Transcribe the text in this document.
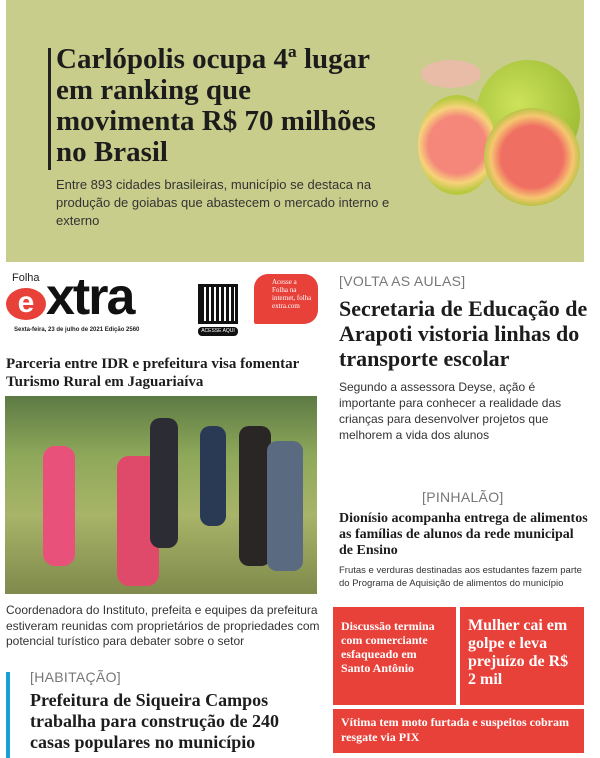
Carlópolis ocupa 4ª lugar em ranking que movimenta R$ 70 milhões no Brasil

Entre 893 cidades brasileiras, município se destaca na produção de goiabas que abastecem o mercado interno e externo

Folha
e xtra
Sexta-feira, 23 de julho de 2021 Edição 2560	ACESSE AQUI
Acesse a Folha na internet, folha extra.com
Parceria entre IDR e prefeitura visa fomentar Turismo Rural em Jaguariaíva
Coordenadora do Instituto, prefeita e equipes da prefeitura estiveram reunidas com proprietários de propriedades com potencial turístico para debater sobre o setor
[HABITAÇÃO]
Prefeitura de Siqueira Campos trabalha para construção de 240 casas populares no município
[VOLTA AS AULAS]
Secretaria de Educação de Arapoti vistoria linhas do transporte escolar
Segundo a assessora Deyse, ação é importante para conhecer a realidade das crianças para desenvolver projetos que melhorem a vida dos alunos
[PINHALÃO]
Dionísio acompanha entrega de alimentos as famílias de alunos da rede municipal de Ensino
Frutas e verduras destinadas aos estudantes fazem parte do Programa de Aquisição de alimentos do município
Discussão termina com comerciante esfaqueado em Santo Antônio
Mulher cai em golpe e leva prejuízo de R$ 2 mil
Vítima tem moto furtada e suspeitos cobram resgate via PIX
